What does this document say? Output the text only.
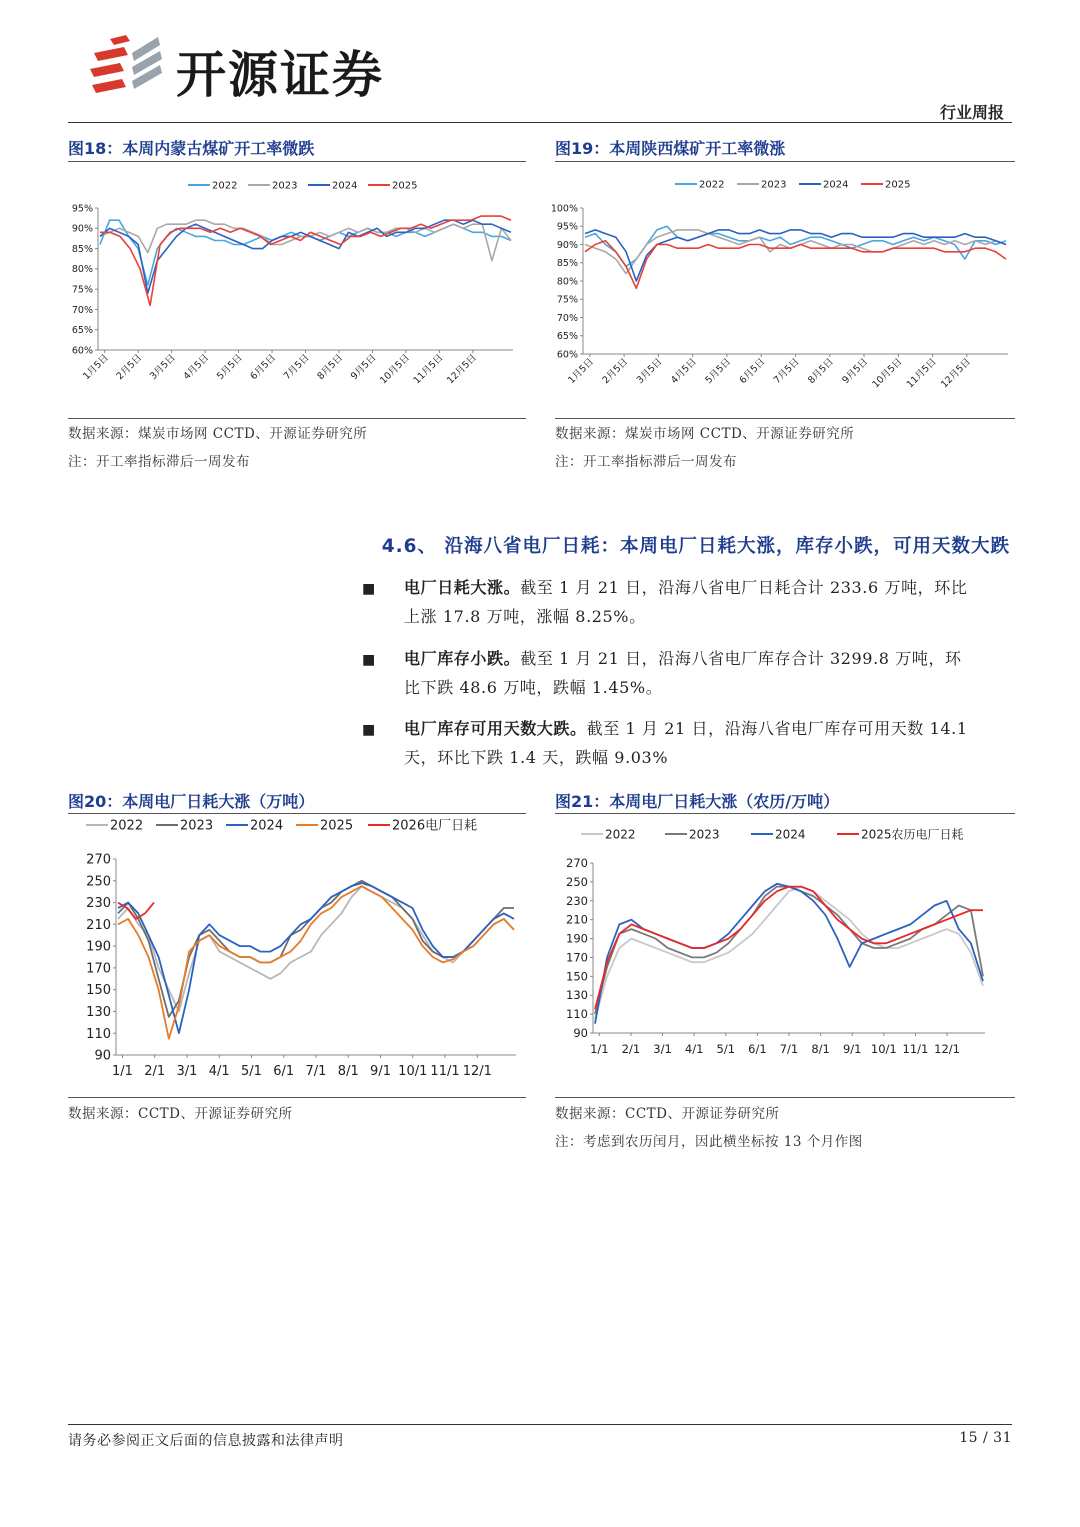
开源证券
行业周报
图18：本周内蒙古煤矿开工率微跌
60%
65%
70%
75%
80%
85%
90%
95%
1月5日 2月5日 3月5日 4月5日 5月5日 6月5日 7月5日 8月5日 9月5日 10月5日 11月5日 12月5日
2022	2023	2024	2025
数据来源：煤炭市场网 CCTD、开源证券研究所
注：开工率指标滞后一周发布
图19：本周陕西煤矿开工率微涨
60%
65%
70%
75%
80%
85%
90%
95%
100%
1月5日 2月5日 3月5日 4月5日 5月5日 6月5日 7月5日 8月5日 9月5日 10月5日 11月5日 12月5日
2022	2023	2024	2025
数据来源：煤炭市场网 CCTD、开源证券研究所
注：开工率指标滞后一周发布
4.6、 沿海八省电厂日耗：本周电厂日耗大涨，库存小跌，可用天数大跌
■ 电厂日耗大涨。截至 1 月 21 日，沿海八省电厂日耗合计 233.6 万吨，环比
上涨 17.8 万吨，涨幅 8.25%。
■ 电厂库存小跌。截至 1 月 21 日，沿海八省电厂库存合计 3299.8 万吨，环
比下跌 48.6 万吨，跌幅 1.45%。
■ 电厂库存可用天数大跌。截至 1 月 21 日，沿海八省电厂库存可用天数 14.1
天，环比下跌 1.4 天，跌幅 9.03%
图20：本周电厂日耗大涨（万吨）
90
110
130
150
170
190
210
230
250
270
1/1 2/1 3/1 4/1 5/1 6/1 7/1 8/1 9/1 10/1 11/1 12/1
2022	2023	2024	2025	2026电厂日耗
数据来源：CCTD、开源证券研究所
图21：本周电厂日耗大涨（农历/万吨）
90
110
130
150
170
190
210
230
250
270
1/1 2/1 3/1 4/1 5/1 6/1 7/1 8/1 9/1 10/1 11/1 12/1
2022	2023	2024	2025农历电厂日耗
数据来源：CCTD、开源证券研究所
注：考虑到农历闰月，因此横坐标按 13 个月作图
请务必参阅正文后面的信息披露和法律声明	15 / 31
